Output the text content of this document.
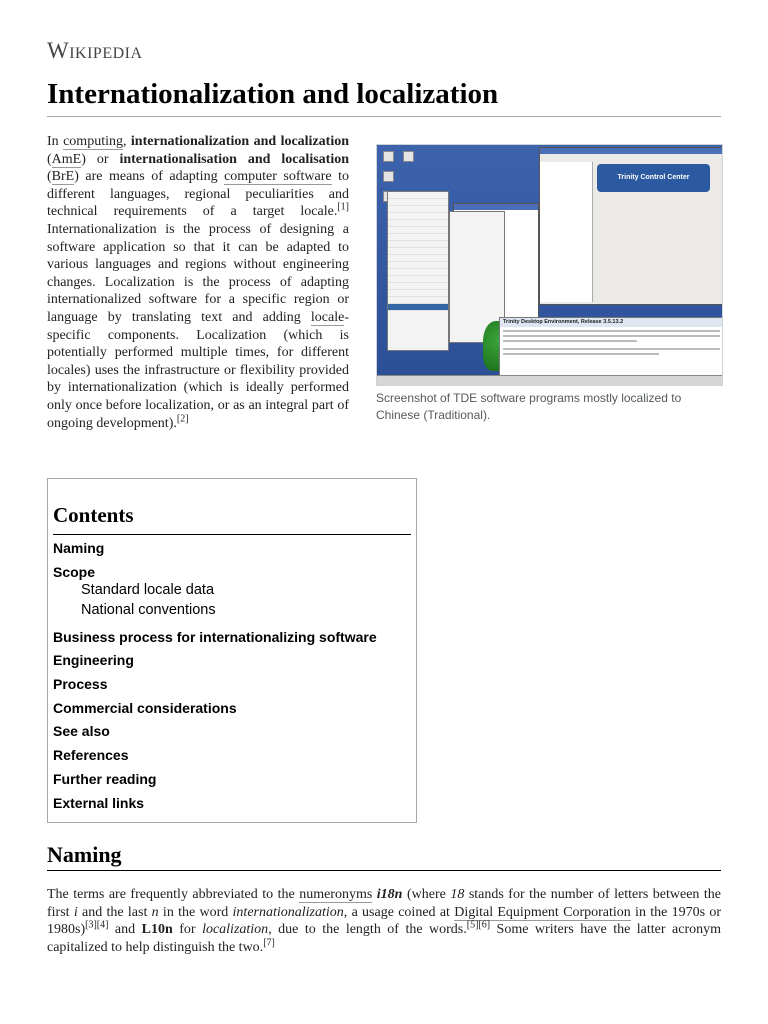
Wikipedia
Internationalization and localization
In computing, internationalization and localization (AmE) or internationalisation and localisation (BrE) are means of adapting computer software to different languages, regional peculiarities and technical requirements of a target locale.[1] Internationalization is the process of designing a software application so that it can be adapted to various languages and regions without engineering changes. Localization is the process of adapting internationalized software for a specific region or language by translating text and adding locale-specific components. Localization (which is potentially performed multiple times, for different locales) uses the infrastructure or flexibility provided by internationalization (which is ideally performed only once before localization, or as an integral part of ongoing development).[2]
Trinity Control Center
Trinity Desktop Environment, Release 3.5.13.2
Screenshot of TDE software programs mostly localized to Chinese (Traditional).
Contents
Naming
Scope
Standard locale data
National conventions
Business process for internationalizing software
Engineering
Process
Commercial considerations
See also
References
Further reading
External links
Naming
The terms are frequently abbreviated to the numeronyms i18n (where 18 stands for the number of letters between the first i and the last n in the word internationalization, a usage coined at Digital Equipment Corporation in the 1970s or 1980s)[3][4] and L10n for localization, due to the length of the words.[5][6] Some writers have the latter acronym capitalized to help distinguish the two.[7]
